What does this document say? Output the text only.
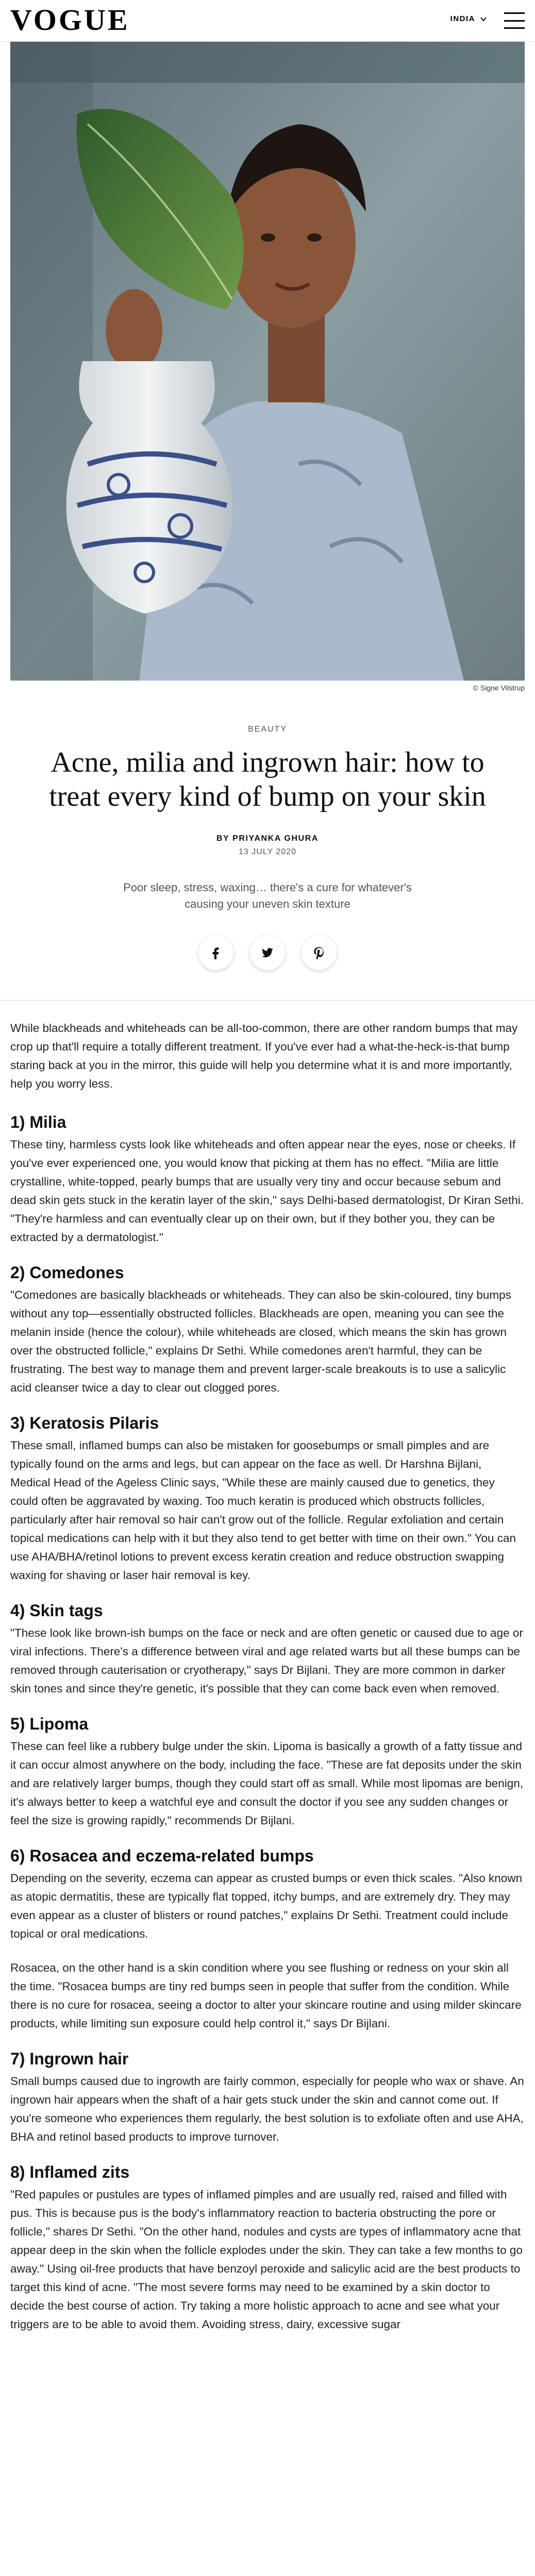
VOGUE	INDIA
© Signe Vilstrup
BEAUTY
Acne, milia and ingrown hair: how to treat every kind of bump on your skin
BY PRIYANKA GHURA
13 JULY 2020
Poor sleep, stress, waxing… there's a cure for whatever's causing your uneven skin texture

While blackheads and whiteheads can be all-too-common, there are other random bumps that may crop up that'll require a totally different treatment. If you've ever had a what-the-heck-is-that bump staring back at you in the mirror, this guide will help you determine what it is and more importantly, help you worry less.

1) Milia

These tiny, harmless cysts look like whiteheads and often appear near the eyes, nose or cheeks. If you've ever experienced one, you would know that picking at them has no effect. "Milia are little crystalline, white-topped, pearly bumps that are usually very tiny and occur because sebum and dead skin gets stuck in the keratin layer of the skin," says Delhi-based dermatologist, Dr Kiran Sethi. "They're harmless and can eventually clear up on their own, but if they bother you, they can be extracted by a dermatologist."

2) Comedones

"Comedones are basically blackheads or whiteheads. They can also be skin-coloured, tiny bumps without any top—essentially obstructed follicles. Blackheads are open, meaning you can see the melanin inside (hence the colour), while whiteheads are closed, which means the skin has grown over the obstructed follicle," explains Dr Sethi. While comedones aren't harmful, they can be frustrating. The best way to manage them and prevent larger-scale breakouts is to use a salicylic acid cleanser twice a day to clear out clogged pores.

3) Keratosis Pilaris

These small, inflamed bumps can also be mistaken for goosebumps or small pimples and are typically found on the arms and legs, but can appear on the face as well. Dr Harshna Bijlani, Medical Head of the Ageless Clinic says, "While these are mainly caused due to genetics, they could often be aggravated by waxing. Too much keratin is produced which obstructs follicles, particularly after hair removal so hair can't grow out of the follicle. Regular exfoliation and certain topical medications can help with it but they also tend to get better with time on their own." You can use AHA/BHA/retinol lotions to prevent excess keratin creation and reduce obstruction swapping waxing for shaving or laser hair removal is key.

4) Skin tags

"These look like brown-ish bumps on the face or neck and are often genetic or caused due to age or viral infections. There's a difference between viral and age related warts but all these bumps can be removed through cauterisation or cryotherapy," says Dr Bijlani. They are more common in darker skin tones and since they're genetic, it's possible that they can come back even when removed.

5) Lipoma

These can feel like a rubbery bulge under the skin. Lipoma is basically a growth of a fatty tissue and it can occur almost anywhere on the body, including the face. "These are fat deposits under the skin and are relatively larger bumps, though they could start off as small. While most lipomas are benign, it's always better to keep a watchful eye and consult the doctor if you see any sudden changes or feel the size is growing rapidly," recommends Dr Bijlani.

6) Rosacea and eczema-related bumps

Depending on the severity, eczema can appear as crusted bumps or even thick scales. "Also known as atopic dermatitis, these are typically flat topped, itchy bumps, and are extremely dry. They may even appear as a cluster of blisters or round patches," explains Dr Sethi. Treatment could include topical or oral medications.

Rosacea, on the other hand is a skin condition where you see flushing or redness on your skin all the time. "Rosacea bumps are tiny red bumps seen in people that suffer from the condition. While there is no cure for rosacea, seeing a doctor to alter your skincare routine and using milder skincare products, while limiting sun exposure could help control it," says Dr Bijlani.

7) Ingrown hair

Small bumps caused due to ingrowth are fairly common, especially for people who wax or shave. An ingrown hair appears when the shaft of a hair gets stuck under the skin and cannot come out. If you're someone who experiences them regularly, the best solution is to exfoliate often and use AHA, BHA and retinol based products to improve turnover.

8) Inflamed zits

"Red papules or pustules are types of inflamed pimples and are usually red, raised and filled with pus. This is because pus is the body's inflammatory reaction to bacteria obstructing the pore or follicle," shares Dr Sethi. "On the other hand, nodules and cysts are types of inflammatory acne that appear deep in the skin when the follicle explodes under the skin. They can take a few months to go away." Using oil-free products that have benzoyl peroxide and salicylic acid are the best products to target this kind of acne. "The most severe forms may need to be examined by a skin doctor to decide the best course of action. Try taking a more holistic approach to acne and see what your triggers are to be able to avoid them. Avoiding stress, dairy, excessive sugar
